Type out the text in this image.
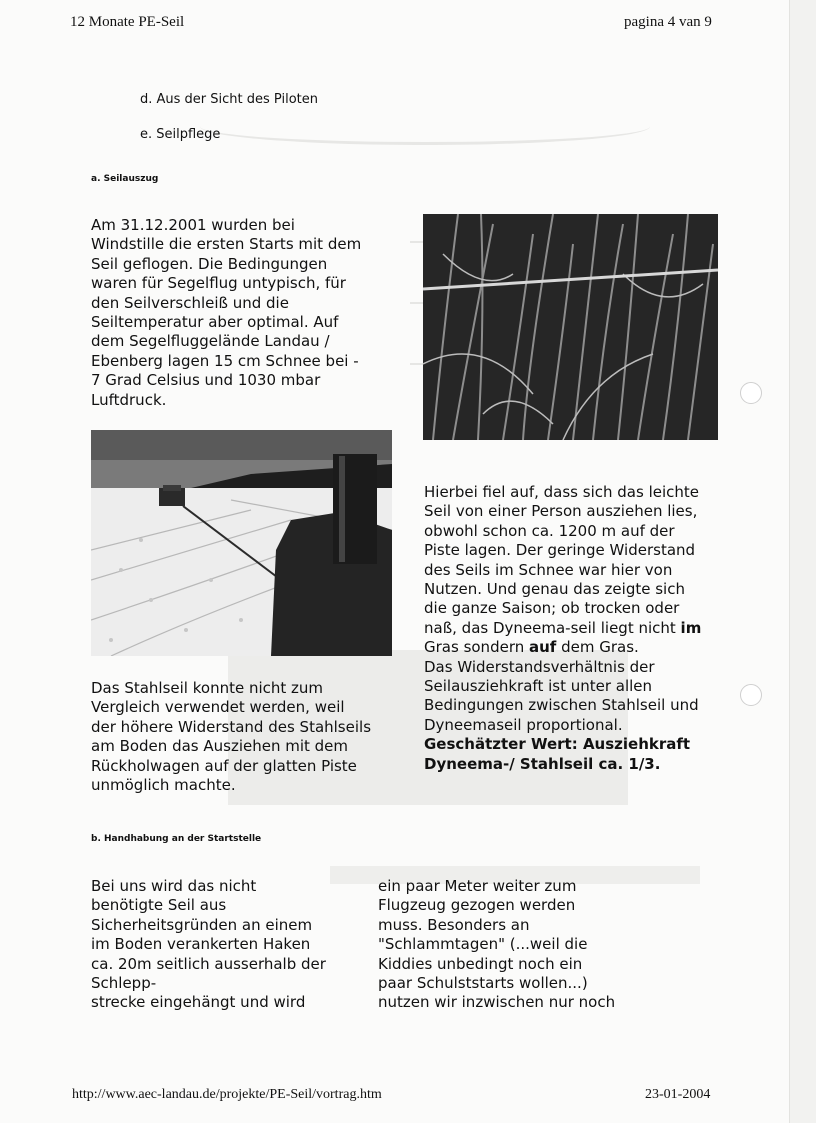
12 Monate PE-Seil	pagina 4 van 9
d. Aus der Sicht des Piloten
e. Seilpflege
a. Seilauszug

Am 31.12.2001 wurden bei
Windstille die ersten Starts mit dem
Seil geflogen. Die Bedingungen
waren für Segelflug untypisch, für
den Seilverschleiß und die
Seiltemperatur aber optimal. Auf
dem Segelfluggelände Landau /
Ebenberg lagen 15 cm Schnee bei -
7 Grad Celsius und 1030 mbar
Luftdruck.

Hierbei fiel auf, dass sich das leichte
Seil von einer Person ausziehen lies,
obwohl schon ca. 1200 m auf der
Piste lagen. Der geringe Widerstand
des Seils im Schnee war hier von
Nutzen. Und genau das zeigte sich
die ganze Saison; ob trocken oder
naß, das Dyneema-seil liegt nicht im
Gras sondern auf dem Gras.
Das Widerstandsverhältnis der
Seilausziehkraft ist unter allen
Bedingungen zwischen Stahlseil und
Dyneemaseil proportional.
Geschätzter Wert: Ausziehkraft
Dyneema-/ Stahlseil ca. 1/3.

Das Stahlseil konnte nicht zum
Vergleich verwendet werden, weil
der höhere Widerstand des Stahlseils
am Boden das Ausziehen mit dem
Rückholwagen auf der glatten Piste
unmöglich machte.

b. Handhabung an der Startstelle

Bei uns wird das nicht
benötigte Seil aus
Sicherheitsgründen an einem
im Boden verankerten Haken
ca. 20m seitlich ausserhalb der
Schlepp-
strecke eingehängt und wird

ein paar Meter weiter zum
Flugzeug gezogen werden
muss. Besonders an
"Schlammtagen" (...weil die
Kiddies unbedingt noch ein
paar Schulststarts wollen...)
nutzen wir inzwischen nur noch

http://www.aec-landau.de/projekte/PE-Seil/vortrag.htm	23-01-2004
